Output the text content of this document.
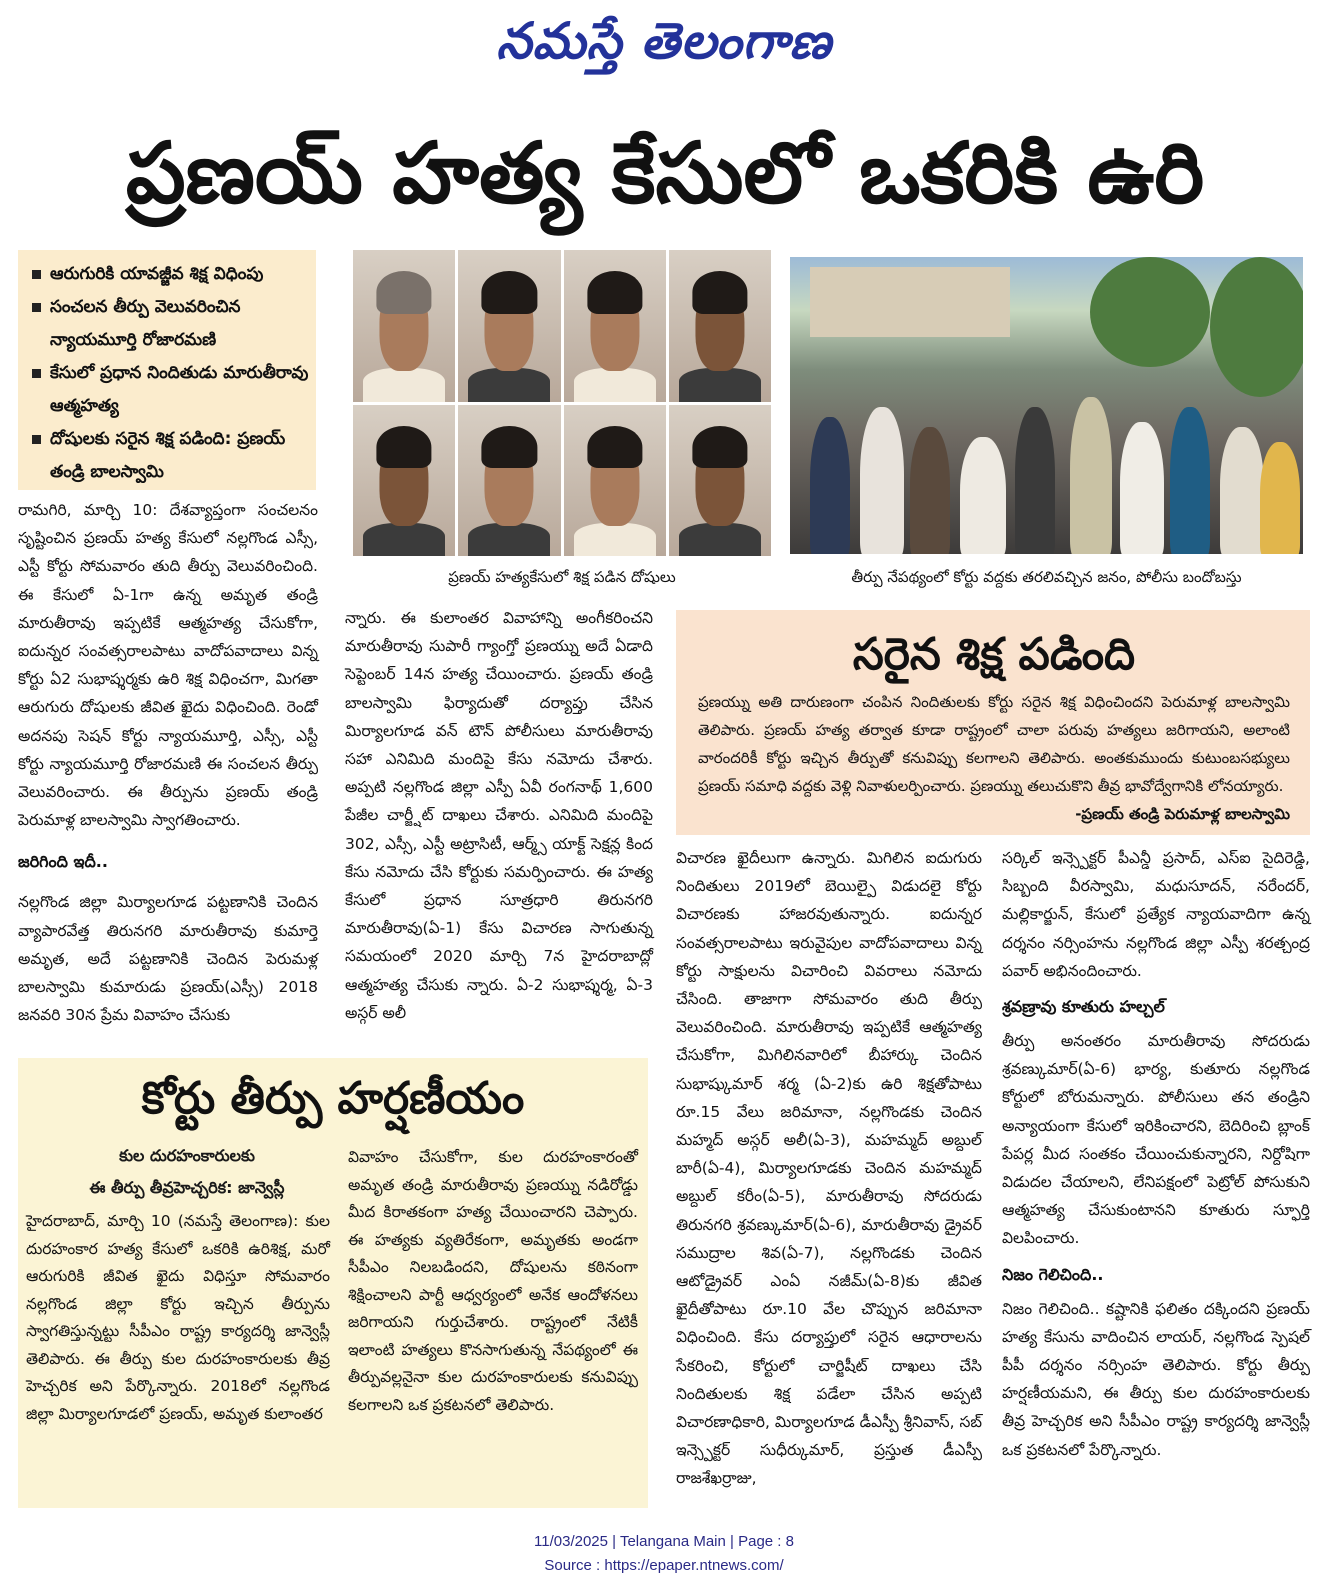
నమస్తే తెలంగాణ
ప్రణయ్ హత్య కేసులో ఒకరికి ఉరి
ఆరుగురికి యావజ్జీవ శిక్ష విధింపు
సంచలన తీర్పు వెలువరించిన న్యాయమూర్తి రోజారమణి
కేసులో ప్రధాన నిందితుడు మారుతీరావు ఆత్మహత్య
దోషులకు సరైన శిక్ష పడింది: ప్రణయ్ తండ్రి బాలస్వామి
ప్రణయ్ హత్యకేసులో శిక్ష పడిన దోషులు	తీర్పు నేపథ్యంలో కోర్టు వద్దకు తరలివచ్చిన జనం, పోలీసు బందోబస్తు

రామగిరి, మార్చి 10: దేశవ్యాప్తంగా సంచలనం సృష్టించిన ప్రణయ్ హత్య కేసులో నల్లగొండ ఎస్సీ, ఎస్టీ కోర్టు సోమవారం తుది తీర్పు వెలువరించింది. ఈ కేసులో ఏ-1గా ఉన్న అమృత తండ్రి మారుతీరావు ఇప్పటికే ఆత్మహత్య చేసుకోగా, ఐదున్నర సంవత్సరాలపాటు వాదోపవాదాలు విన్న కోర్టు ఏ2 సుభాష్శర్మకు ఉరి శిక్ష విధించగా, మిగతా ఆరుగురు దోషులకు జీవిత ఖైదు విధించింది. రెండో అదనపు సెషన్ కోర్టు న్యాయమూర్తి, ఎస్సీ, ఎస్టీ కోర్టు న్యాయమూర్తి రోజారమణి ఈ సంచలన తీర్పు వెలువరించారు. ఈ తీర్పును ప్రణయ్ తండ్రి పెరుమాళ్ల బాలస్వామి స్వాగతించారు.

జరిగింది ఇదీ..

నల్లగొండ జిల్లా మిర్యాలగూడ పట్టణానికి చెందిన వ్యాపారవేత్త తిరునగరి మారుతీరావు కుమార్తె అమృత, అదే పట్టణానికి చెందిన పెరుమళ్ల బాలస్వామి కుమారుడు ప్రణయ్(ఎస్సీ) 2018 జనవరి 30న ప్రేమ వివాహం చేసుకు

న్నారు. ఈ కులాంతర వివాహాన్ని అంగీకరించని మారుతీరావు సుపారీ గ్యాంగ్తో ప్రణయ్ను అదే ఏడాది సెప్టెంబర్ 14న హత్య చేయించారు. ప్రణయ్ తండ్రి బాలస్వామి ఫిర్యాదుతో దర్యాప్తు చేసిన మిర్యాలగూడ వన్ టౌన్ పోలీసులు మారుతీరావు సహా ఎనిమిది మందిపై కేసు నమోదు చేశారు. అప్పటి నల్లగొండ జిల్లా ఎస్పీ ఏవీ రంగనాథ్ 1,600 పేజీల చార్జ్షీట్ దాఖలు చేశారు. ఎనిమిది మందిపై 302, ఎస్సీ, ఎస్టీ అట్రాసిటీ, ఆర్మ్స్ యాక్ట్ సెక్షన్ల కింద కేసు నమోదు చేసి కోర్టుకు సమర్పించారు. ఈ హత్య కేసులో ప్రధాన సూత్రధారి తిరునగరి మారుతీరావు(ఏ-1) కేసు విచారణ సాగుతున్న సమయంలో 2020 మార్చి 7న హైదరాబాద్లో ఆత్మహత్య చేసుకు న్నారు. ఏ-2 సుభాష్శర్మ, ఏ-3 అస్గర్ అలీ

సరైన శిక్ష పడింది
ప్రణయ్ను అతి దారుణంగా చంపిన నిందితులకు కోర్టు సరైన శిక్ష విధించిందని పెరుమాళ్ల బాలస్వామి తెలిపారు. ప్రణయ్ హత్య తర్వాత కూడా రాష్ట్రంలో చాలా పరువు హత్యలు జరిగాయని, అలాంటి వారందరికీ కోర్టు ఇచ్చిన తీర్పుతో కనువిప్పు కలగాలని తెలిపారు. అంతకుముందు కుటుంబసభ్యులు ప్రణయ్ సమాధి వద్దకు వెళ్లి నివాళులర్పించారు. ప్రణయ్ను తలుచుకొని తీవ్ర భావోద్వేగానికి లోనయ్యారు.
-ప్రణయ్ తండ్రి పెరుమాళ్ల బాలస్వామి

విచారణ ఖైదీలుగా ఉన్నారు. మిగిలిన ఐదుగురు నిందితులు 2019లో బెయిల్పై విడుదలై కోర్టు విచారణకు హాజరవుతున్నారు. ఐదున్నర సంవత్సరాలపాటు ఇరువైపుల వాదోపవాదాలు విన్న కోర్టు సాక్షులను విచారించి వివరాలు నమోదు చేసింది. తాజాగా సోమవారం తుది తీర్పు వెలువరించింది. మారుతీరావు ఇప్పటికే ఆత్మహత్య చేసుకోగా, మిగిలినవారిలో బీహార్కు చెందిన సుభాష్కుమార్ శర్మ (ఏ-2)కు ఉరి శిక్షతోపాటు రూ.15 వేలు జరిమానా, నల్లగొండకు చెందిన మహ్మద్ అస్గర్ అలీ(ఏ-3), మహమ్మద్ అబ్దుల్ బారీ(ఏ-4), మిర్యాలగూడకు చెందిన మహమ్మద్ అబ్దుల్ కరీం(ఏ-5), మారుతీరావు సోదరుడు తిరునగరి శ్రవణ్కుమార్(ఏ-6), మారుతీరావు డ్రైవర్ సముద్రాల శివ(ఏ-7), నల్లగొండకు చెందిన ఆటోడ్రైవర్ ఎంఏ నజీమ్(ఏ-8)కు జీవిత ఖైదీతోపాటు రూ.10 వేల చొప్పున జరిమానా విధించింది. కేసు దర్యాప్తులో సరైన ఆధారాలను సేకరించి, కోర్టులో చార్జిషీట్ దాఖలు చేసి నిందితులకు శిక్ష పడేలా చేసిన అప్పటి విచారణాధికారి, మిర్యాలగూడ డీఎస్పీ శ్రీనివాస్, సబ్ ఇన్స్పెక్టర్ సుధీర్కుమార్, ప్రస్తుత డీఎస్పీ రాజశేఖర్రాజు,

సర్కిల్ ఇన్స్పెక్టర్ పీఎన్డీ ప్రసాద్, ఎస్ఐ సైదిరెడ్డి, సిబ్బంది వీరస్వామి, మధుసూదన్, నరేందర్, మల్లికార్జున్, కేసులో ప్రత్యేక న్యాయవాదిగా ఉన్న దర్శనం నర్సింహను నల్లగొండ జిల్లా ఎస్పీ శరత్చంద్ర పవార్ అభినందించారు.

శ్రవణ్రావు కూతురు హల్చల్

తీర్పు అనంతరం మారుతీరావు సోదరుడు శ్రవణ్కుమార్(ఏ-6) భార్య, కుతూరు నల్లగొండ కోర్టులో బోరుమన్నారు. పోలీసులు తన తండ్రిని అన్యాయంగా కేసులో ఇరికించారని, బెదిరించి బ్లాంక్ పేపర్ల మీద సంతకం చేయించుకున్నారని, నిర్దోషిగా విడుదల చేయాలని, లేనిపక్షంలో పెట్రోల్ పోసుకుని ఆత్మహత్య చేసుకుంటానని కూతురు స్ఫూర్తి విలపించారు.

నిజం గెలిచింది..

నిజం గెలిచింది.. కష్టానికి ఫలితం దక్కిందని ప్రణయ్ హత్య కేసును వాదించిన లాయర్, నల్లగొండ స్పెషల్ పీపీ దర్శనం నర్సింహ తెలిపారు. కోర్టు తీర్పు హర్షణీయమని, ఈ తీర్పు కుల దురహంకారులకు తీవ్ర హెచ్చరిక అని సీపీఎం రాష్ట్ర కార్యదర్శి జాన్వెస్లీ ఒక ప్రకటనలో పేర్కొన్నారు.

కోర్టు తీర్పు హర్షణీయం
కుల దురహంకారులకు
ఈ తీర్పు తీవ్రహెచ్చరిక: జాన్వెస్లీ

హైదరాబాద్, మార్చి 10 (నమస్తే తెలంగాణ): కుల దురహంకార హత్య కేసులో ఒకరికి ఉరిశిక్ష, మరో ఆరుగురికి జీవిత ఖైదు విధిస్తూ సోమవారం నల్లగొండ జిల్లా కోర్టు ఇచ్చిన తీర్పును స్వాగతిస్తున్నట్టు సీపీఎం రాష్ట్ర కార్యదర్శి జాన్వెస్లీ తెలిపారు. ఈ తీర్పు కుల దురహంకారులకు తీవ్ర హెచ్చరిక అని పేర్కొన్నారు. 2018లో నల్లగొండ జిల్లా మిర్యాలగూడలో ప్రణయ్, అమృత కులాంతర

వివాహం చేసుకోగా, కుల దురహంకారంతో అమృత తండ్రి మారుతీరావు ప్రణయ్ను నడిరోడ్డు మీద కిరాతకంగా హత్య చేయించారని చెప్పారు. ఈ హత్యకు వ్యతిరేకంగా, అమృతకు అండగా సీపీఎం నిలబడిందని, దోషులను కఠినంగా శిక్షించాలని పార్టీ ఆధ్వర్యంలో అనేక ఆందోళనలు జరిగాయని గుర్తుచేశారు. రాష్ట్రంలో నేటికీ ఇలాంటి హత్యలు కొనసాగుతున్న నేపథ్యంలో ఈ తీర్పువల్లనైనా కుల దురహంకారులకు కనువిప్పు కలగాలని ఒక ప్రకటనలో తెలిపారు.

11/03/2025 | Telangana Main | Page : 8
Source : https://epaper.ntnews.com/
